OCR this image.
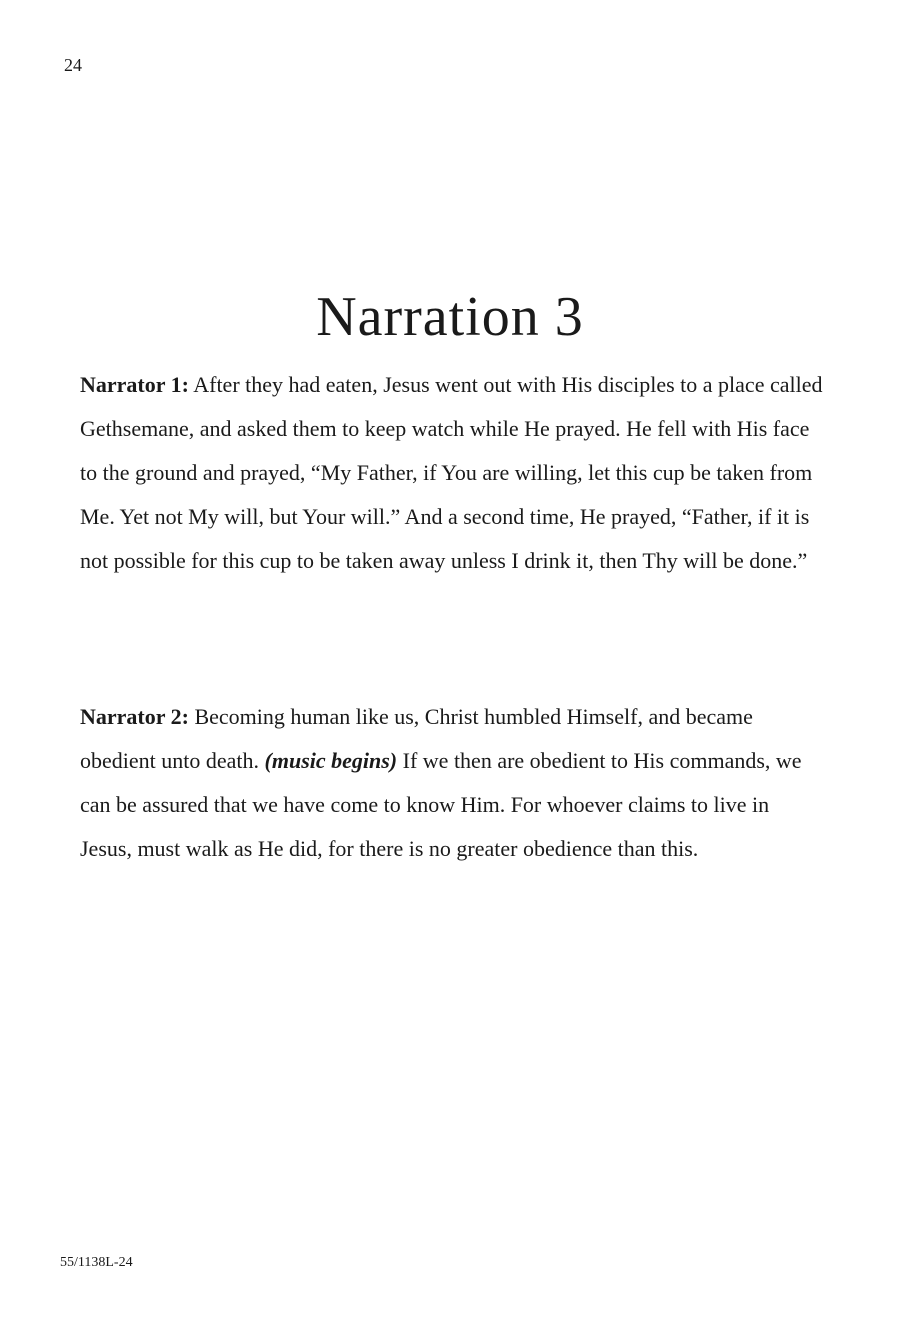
24
Narration 3

Narrator 1: After they had eaten, Jesus went out with His disciples to a place called Gethsemane, and asked them to keep watch while He prayed. He fell with His face to the ground and prayed, “My Father, if You are willing, let this cup be taken from Me. Yet not My will, but Your will.” And a second time, He prayed, “Father, if it is not possible for this cup to be taken away unless I drink it, then Thy will be done.”

Narrator 2: Becoming human like us, Christ humbled Himself, and became obedient unto death. (music begins) If we then are obedient to His commands, we can be assured that we have come to know Him. For whoever claims to live in Jesus, must walk as He did, for there is no greater obedience than this.

55/1138L-24
